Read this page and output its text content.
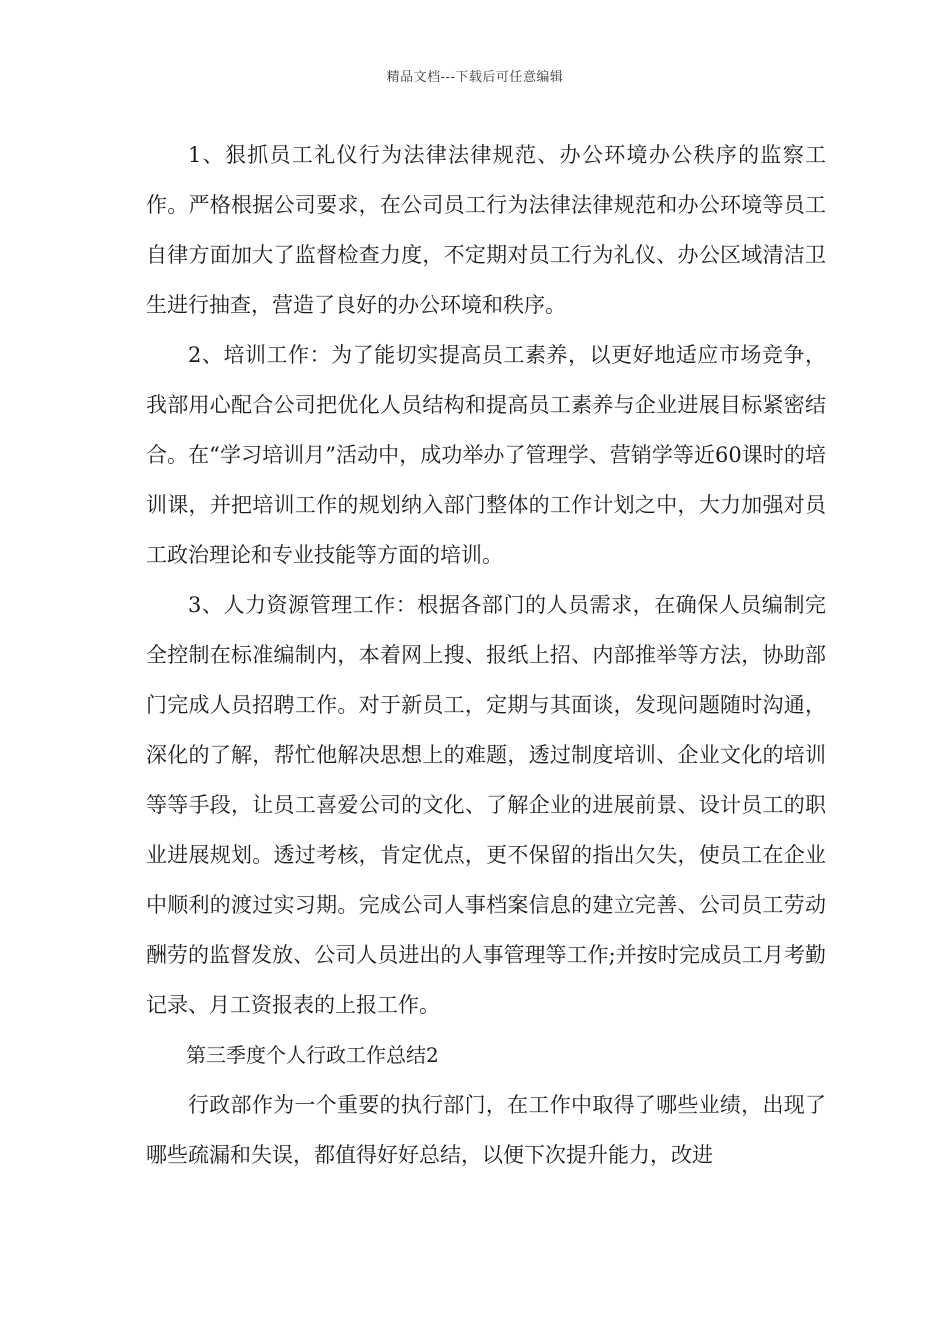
精品文档---下载后可任意编辑

1、狠抓员工礼仪行为法律法律规范、办公环境办公秩序的监察工作。严格根据公司要求，在公司员工行为法律法律规范和办公环境等员工自律方面加大了监督检查力度，不定期对员工行为礼仪、办公区域清洁卫生进行抽查，营造了良好的办公环境和秩序。

2、培训工作：为了能切实提高员工素养，以更好地适应市场竞争，我部用心配合公司把优化人员结构和提高员工素养与企业进展目标紧密结合。在“学习培训月”活动中，成功举办了管理学、营销学等近60课时的培训课，并把培训工作的规划纳入部门整体的工作计划之中，大力加强对员工政治理论和专业技能等方面的培训。

3、人力资源管理工作：根据各部门的人员需求，在确保人员编制完全控制在标准编制内，本着网上搜、报纸上招、内部推举等方法，协助部门完成人员招聘工作。对于新员工，定期与其面谈，发现问题随时沟通，深化的了解，帮忙他解决思想上的难题，透过制度培训、企业文化的培训等等手段，让员工喜爱公司的文化、了解企业的进展前景、设计员工的职业进展规划。透过考核，肯定优点，更不保留的指出欠失，使员工在企业中顺利的渡过实习期。完成公司人事档案信息的建立完善、公司员工劳动酬劳的监督发放、公司人员进出的人事管理等工作;并按时完成员工月考勤记录、月工资报表的上报工作。

第三季度个人行政工作总结2

行政部作为一个重要的执行部门，在工作中取得了哪些业绩，出现了哪些疏漏和失误，都值得好好总结，以便下次提升能力，改进
